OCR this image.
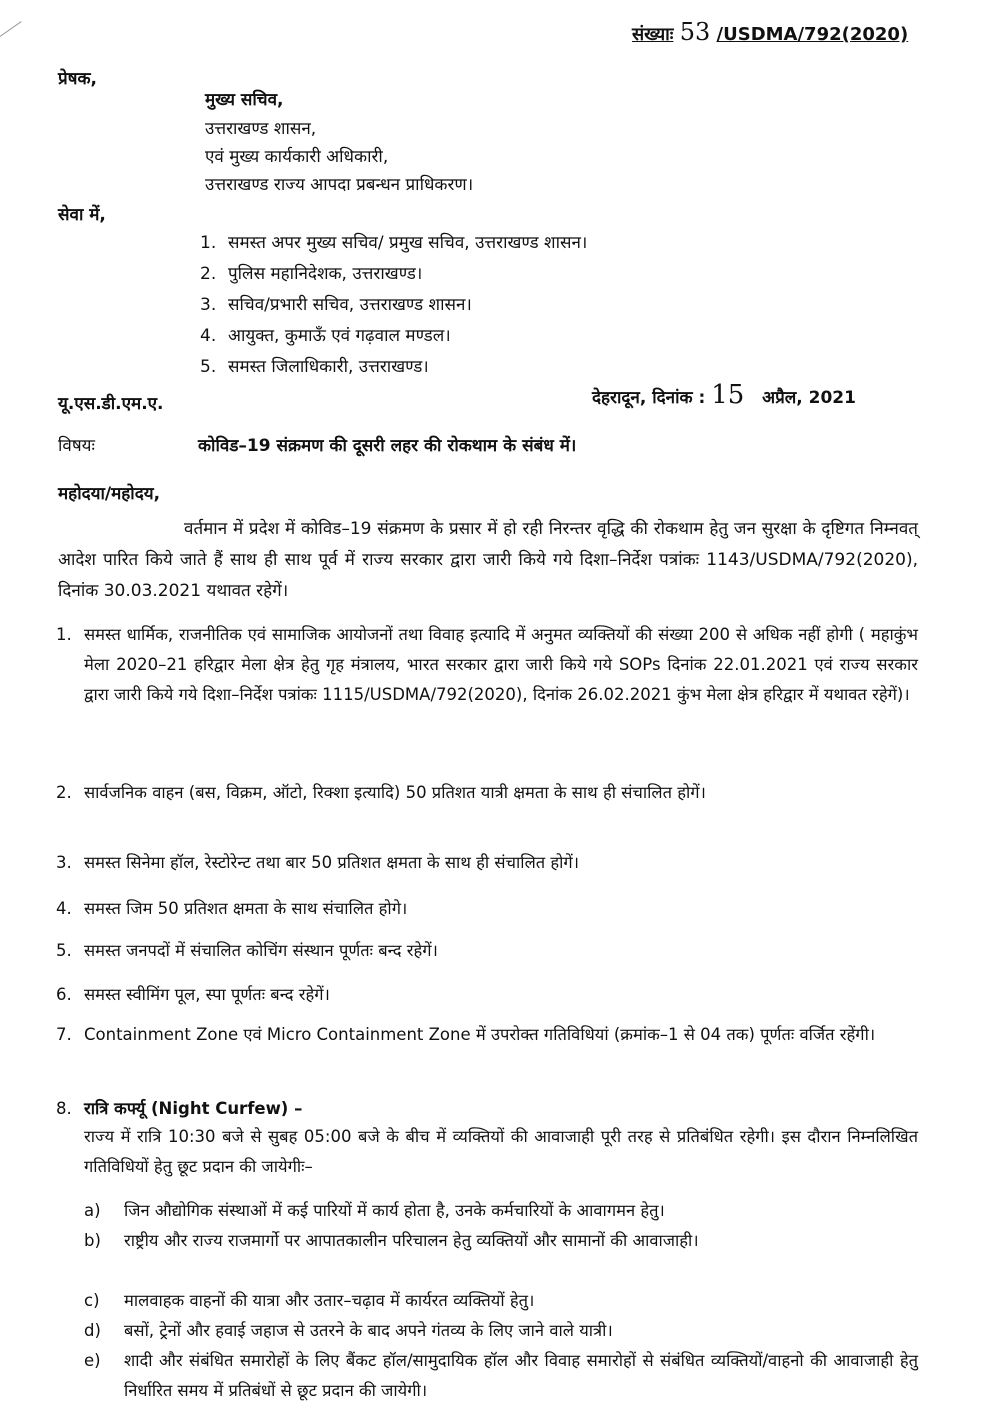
संख्याः 53 /USDMA/792(2020)
प्रेषक,
मुख्य सचिव,
उत्तराखण्ड शासन,
एवं मुख्य कार्यकारी अधिकारी,
उत्तराखण्ड राज्य आपदा प्रबन्धन प्राधिकरण।
सेवा में,
1. समस्त अपर मुख्य सचिव/ प्रमुख सचिव, उत्तराखण्ड शासन।
2. पुलिस महानिदेशक, उत्तराखण्ड।
3. सचिव/प्रभारी सचिव, उत्तराखण्ड शासन।
4. आयुक्त, कुमाऊँ एवं गढ़वाल मण्डल।
5. समस्त जिलाधिकारी, उत्तराखण्ड।
यू.एस.डी.एम.ए.	देहरादून, दिनांक : 15 अप्रैल, 2021
विषयः	कोविड–19 संक्रमण की दूसरी लहर की रोकथाम के संबंध में।
महोदया/महोदय,
वर्तमान में प्रदेश में कोविड–19 संक्रमण के प्रसार में हो रही निरन्तर वृद्धि की रोकथाम हेतु जन सुरक्षा के दृष्टिगत निम्नवत् आदेश पारित किये जाते हैं साथ ही साथ पूर्व में राज्य सरकार द्वारा जारी किये गये दिशा–निर्देश पत्रांकः 1143/USDMA/792(2020), दिनांक 30.03.2021 यथावत रहेगें।
1. समस्त धार्मिक, राजनीतिक एवं सामाजिक आयोजनों तथा विवाह इत्यादि में अनुमत व्यक्तियों की संख्या 200 से अधिक नहीं होगी ( महाकुंभ मेला 2020–21 हरिद्वार मेला क्षेत्र हेतु गृह मंत्रालय, भारत सरकार द्वारा जारी किये गये SOPs दिनांक 22.01.2021 एवं राज्य सरकार द्वारा जारी किये गये दिशा–निर्देश पत्रांकः 1115/USDMA/792(2020), दिनांक 26.02.2021 कुंभ मेला क्षेत्र हरिद्वार में यथावत रहेगें)।
2. सार्वजनिक वाहन (बस, विक्रम, ऑटो, रिक्शा इत्यादि) 50 प्रतिशत यात्री क्षमता के साथ ही संचालित होगें।
3. समस्त सिनेमा हॉल, रेस्टोरेन्ट तथा बार 50 प्रतिशत क्षमता के साथ ही संचालित होगें।
4. समस्त जिम 50 प्रतिशत क्षमता के साथ संचालित होगे।
5. समस्त जनपदों में संचालित कोचिंग संस्थान पूर्णतः बन्द रहेगें।
6. समस्त स्वीमिंग पूल, स्पा पूर्णतः बन्द रहेगें।
7. Containment Zone एवं Micro Containment Zone में उपरोक्त गतिविधियां (क्रमांक–1 से 04 तक) पूर्णतः वर्जित रहेंगी।
8. रात्रि कर्फ्यू (Night Curfew) –
राज्य में रात्रि 10:30 बजे से सुबह 05:00 बजे के बीच में व्यक्तियों की आवाजाही पूरी तरह से प्रतिबंधित रहेगी। इस दौरान निम्नलिखित गतिविधियों हेतु छूट प्रदान की जायेगीः–
a) जिन औद्योगिक संस्थाओं में कई पारियों में कार्य होता है, उनके कर्मचारियों के आवागमन हेतु।
b) राष्ट्रीय और राज्य राजमार्गो पर आपातकालीन परिचालन हेतु व्यक्तियों और सामानों की आवाजाही।
c) मालवाहक वाहनों की यात्रा और उतार–चढ़ाव में कार्यरत व्यक्तियों हेतु।
d) बसों, ट्रेनों और हवाई जहाज से उतरने के बाद अपने गंतव्य के लिए जाने वाले यात्री।
e) शादी और संबंधित समारोहों के लिए बैंकट हॉल/सामुदायिक हॉल और विवाह समारोहों से संबंधित व्यक्तियों/वाहनो की आवाजाही हेतु निर्धारित समय में प्रतिबंधों से छूट प्रदान की जायेगी।
